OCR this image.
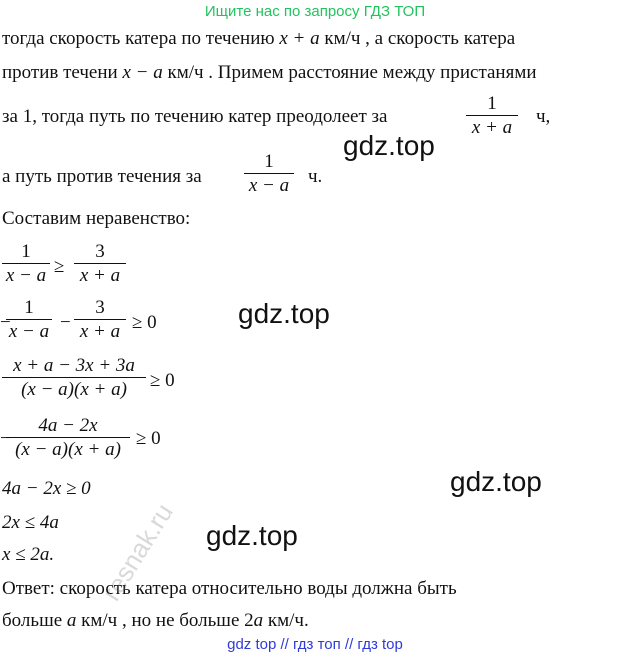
Ищите нас по запросу ГДЗ ТОП
тогда скорость катера по течению x + a км/ч , а скорость катера
против течени x − a км/ч . Примем расстояние между пристанями
за 1, тогда путь по течению катер преодолеет за
1
x + a
ч,
gdz.top
а путь против течения за
1
x − a ч.
Составим неравенство:
1
x − a ≥
3
x + a
gdz.top
−
1
x − a −
3
x + a ≥ 0
x + a − 3x + 3a
(x − a)(x + a)	≥ 0
−
4a − 2x
(x − a)(x + a)
≥ 0
gdz.top
4a − 2x ≥ 0
2x ≤ 4a	gdz.top
x ≤ 2a.
Ответ: скорость катера относительно воды должна быть
больше a км/ч , но не больше 2a км/ч.
resnak.ru
gdz top // гдз топ // гдз top
